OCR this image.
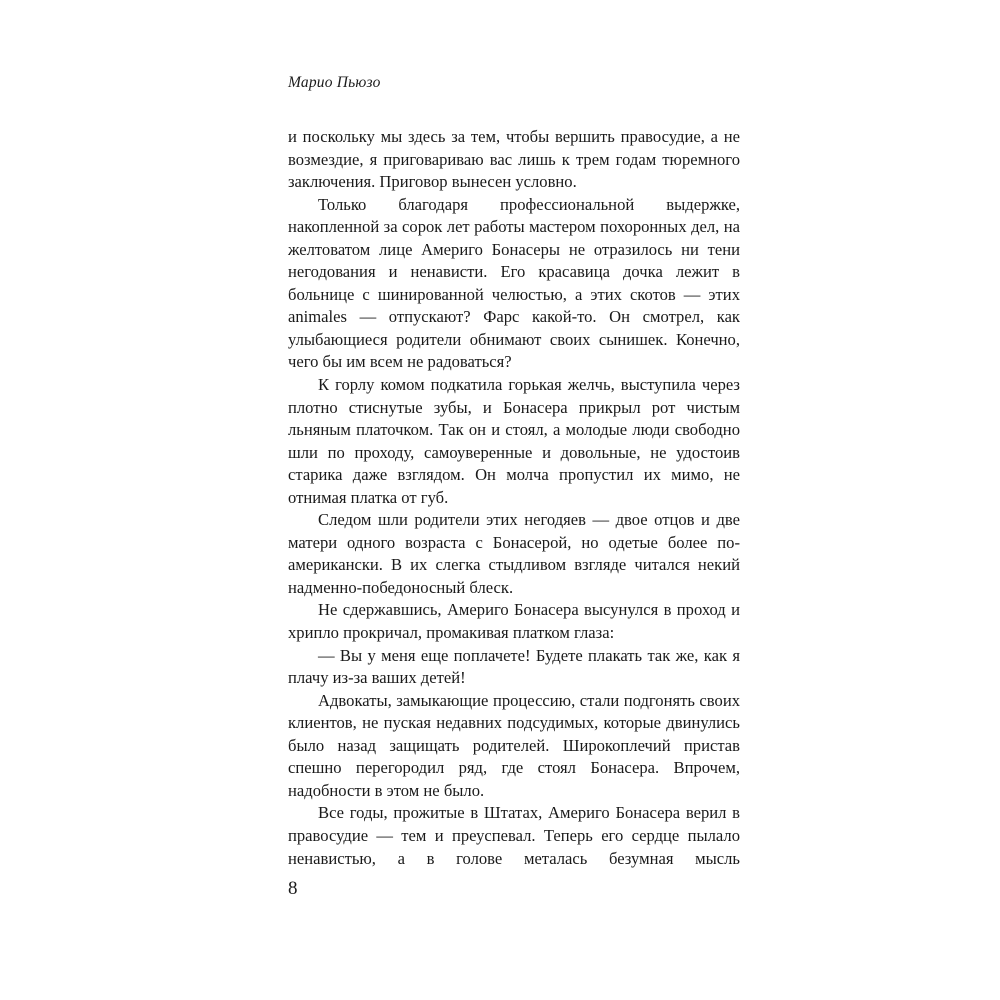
Марио Пьюзо

и поскольку мы здесь за тем, чтобы вершить правосудие, а не возмездие, я приговариваю вас лишь к трем годам тюремного заключения. Приговор вынесен условно.

Только благодаря профессиональной выдержке, накопленной за сорок лет работы мастером похоронных дел, на желтоватом лице Америго Бонасеры не отразилось ни тени негодования и ненависти. Его красавица дочка лежит в больнице с шинированной челюстью, а этих скотов — этих animales — отпускают? Фарс какой-то. Он смотрел, как улыбающиеся родители обнимают своих сынишек. Конечно, чего бы им всем не радоваться?

К горлу комом подкатила горькая желчь, выступила через плотно стиснутые зубы, и Бонасера прикрыл рот чистым льняным платочком. Так он и стоял, а молодые люди свободно шли по проходу, самоуверенные и довольные, не удостоив старика даже взглядом. Он молча пропустил их мимо, не отнимая платка от губ.

Следом шли родители этих негодяев — двое отцов и две матери одного возраста с Бонасерой, но одетые более по-американски. В их слегка стыдливом взгляде читался некий надменно-победоносный блеск.

Не сдержавшись, Америго Бонасера высунулся в проход и хрипло прокричал, промакивая платком глаза:

— Вы у меня еще поплачете! Будете плакать так же, как я плачу из-за ваших детей!

Адвокаты, замыкающие процессию, стали подгонять своих клиентов, не пуская недавних подсудимых, которые двинулись было назад защищать родителей. Широкоплечий пристав спешно перегородил ряд, где стоял Бонасера. Впрочем, надобности в этом не было.

Все годы, прожитые в Штатах, Америго Бонасера верил в правосудие — тем и преуспевал. Теперь его сердце пылало ненавистью, а в голове металась безумная мысль

8
